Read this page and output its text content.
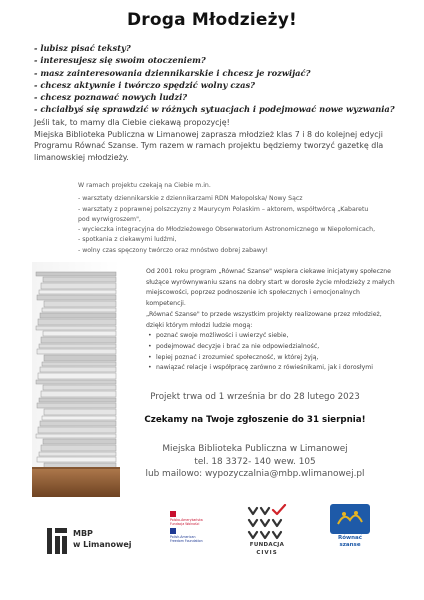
Droga Młodzieży!
- lubisz pisać teksty?
- interesujesz się swoim otoczeniem?
- masz zainteresowania dziennikarskie i chcesz je rozwijać?
- chcesz aktywnie i twórczo spędzić wolny czas?
- chcesz poznawać nowych ludzi?
- chciałbyś się sprawdzić w różnych sytuacjach i podejmować nowe wyzwania?
Jeśli tak, to mamy dla Ciebie ciekawą propozycję!
Miejska Biblioteka Publiczna w Limanowej zaprasza młodzież klas 7 i 8 do kolejnej edycji Programu Równać Szanse. Tym razem w ramach projektu będziemy tworzyć gazetkę dla limanowskiej młodzieży.
W ramach projektu czekają na Ciebie m.in.
- warsztaty dziennikarskie z dziennikarzami RDN Małopolska/ Nowy Sącz
- warsztaty z poprawnej polszczyzny z Maurycym Polaskim – aktorem, współtwórcą „Kabaretu
pod wyrwigroszem",
- wycieczka integracyjna do Młodzieżowego Obserwatorium Astronomicznego w Niepołomicach,
- spotkania z ciekawymi ludźmi,
- wolny czas spęczony twórczo oraz mnóstwo dobrej zabawy!
Od 2001 roku program „Równać Szanse" wspiera ciekawe inicjatywy społeczne służące wyrównywaniu szans na dobry start w dorosłe życie młodzieży z małych miejscowości, poprzez podnoszenie ich społecznych i emocjonalnych kompetencji.
„Równać Szanse" to przede wszystkim projekty realizowane przez młodzież, dzięki którym młodzi ludzie mogą:
• poznać swoje możliwości i uwierzyć siebie,
• podejmować decyzje i brać za nie odpowiedzialność,
• lepiej poznać i zrozumieć społeczność, w której żyją,
• nawiązać relacje i współpracę zarówno z rówieśnikami, jak i dorosłymi
Projekt trwa od 1 września br do 28 lutego 2023
Czekamy na Twoje zgłoszenie do 31 sierpnia!
Miejska Biblioteka Publiczna w Limanowej
tel. 18 3372- 140 wew. 105
lub mailowo: wypozyczalnia@mbp.wlimanowej.pl
MBP
w Limanowej
Polsko-Amerykańska
Fundacja Wolności
Polish-American
Freedom Foundation
FUNDACJA
CIVIS
Równać
szanse
